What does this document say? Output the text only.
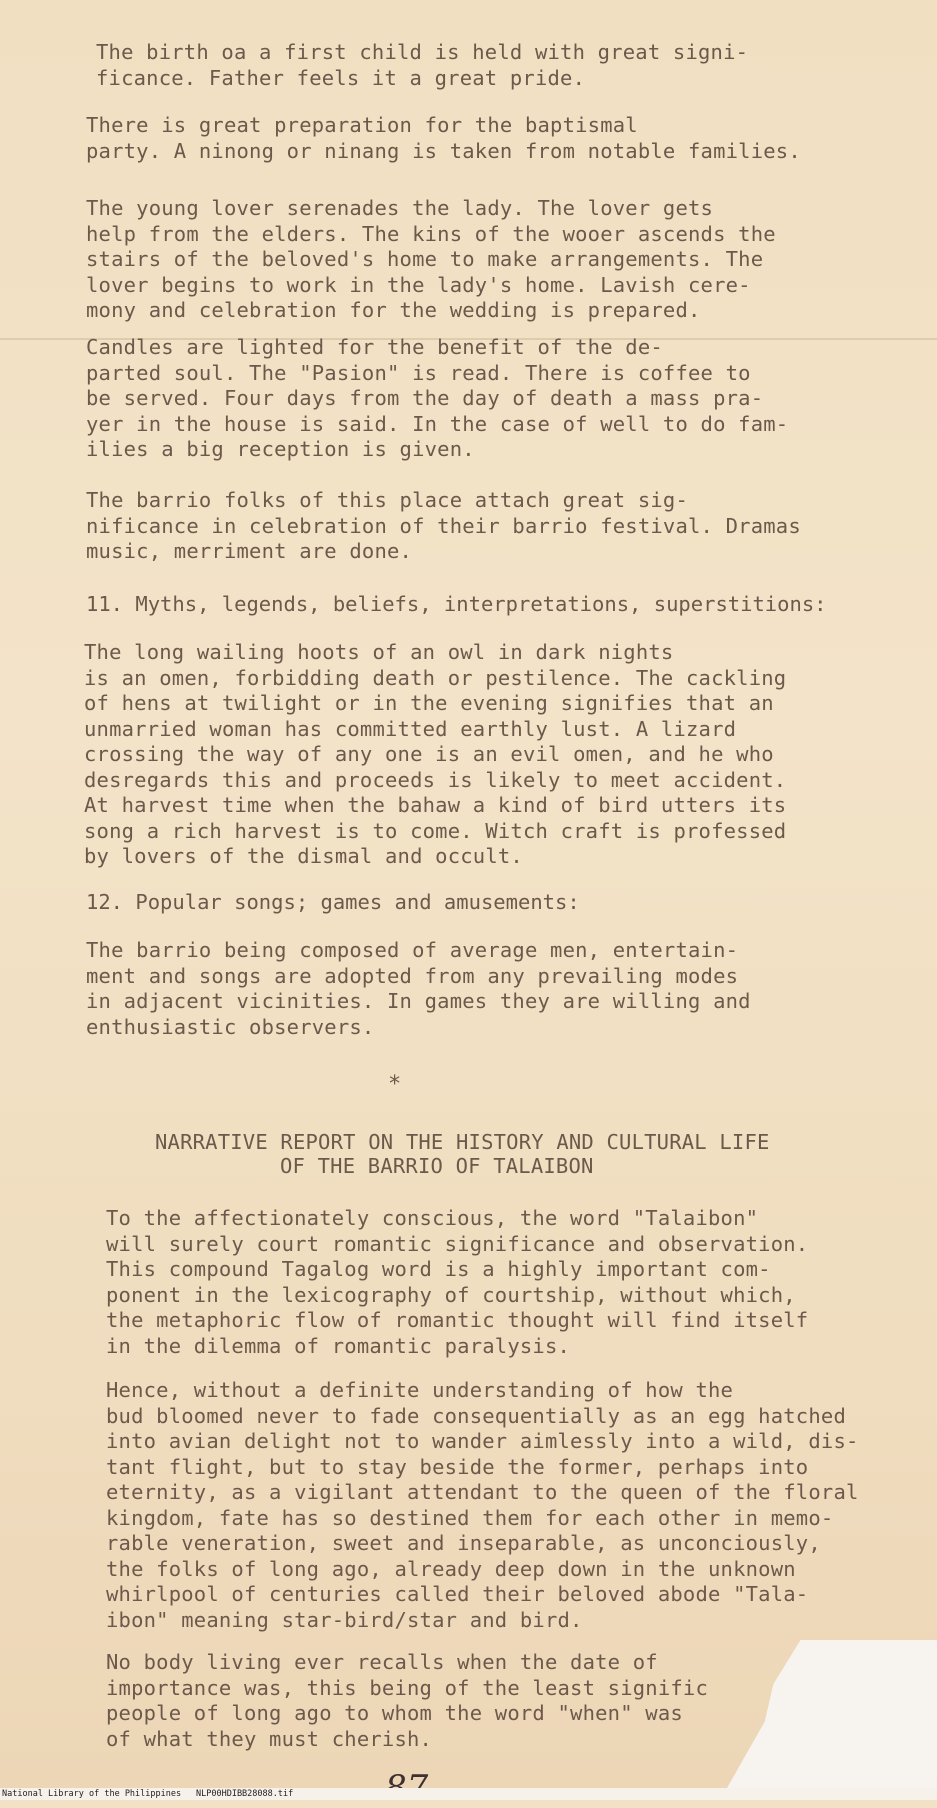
The birth oa a first child is held with great signi-
ficance. Father feels it a great pride.
There is great preparation for the baptismal
party. A ninong or ninang is taken from notable families.
The young lover serenades the lady. The lover gets
help from the elders. The kins of the wooer ascends the
stairs of the beloved's home to make arrangements. The
lover begins to work in the lady's home. Lavish cere-
mony and celebration for the wedding is prepared.
Candles are lighted for the benefit of the de-
parted soul. The "Pasion" is read. There is coffee to
be served. Four days from the day of death a mass pra-
yer in the house is said. In the case of well to do fam-
ilies a big reception is given.
The barrio folks of this place attach great sig-
nificance in celebration of their barrio festival. Dramas
music, merriment are done.
11. Myths, legends, beliefs, interpretations, superstitions:
The long wailing hoots of an owl in dark nights
is an omen, forbidding death or pestilence. The cackling
of hens at twilight or in the evening signifies that an
unmarried woman has committed earthly lust. A lizard
crossing the way of any one is an evil omen, and he who
desregards this and proceeds is likely to meet accident.
At harvest time when the bahaw a kind of bird utters its
song a rich harvest is to come. Witch craft is professed
by lovers of the dismal and occult.
12. Popular songs; games and amusements:
The barrio being composed of average men, entertain-
ment and songs are adopted from any prevailing modes
in adjacent vicinities. In games they are willing and
enthusiastic observers.
*
NARRATIVE REPORT ON THE HISTORY AND CULTURAL LIFE
OF THE BARRIO OF TALAIBON
To the affectionately conscious, the word "Talaibon"
will surely court romantic significance and observation.
This compound Tagalog word is a highly important com-
ponent in the lexicography of courtship, without which,
the metaphoric flow of romantic thought will find itself
in the dilemma of romantic paralysis.
Hence, without a definite understanding of how the
bud bloomed never to fade consequentially as an egg hatched
into avian delight not to wander aimlessly into a wild, dis-
tant flight, but to stay beside the former, perhaps into
eternity, as a vigilant attendant to the queen of the floral
kingdom, fate has so destined them for each other in memo-
rable veneration, sweet and inseparable, as unconciously,
the folks of long ago, already deep down in the unknown
whirlpool of centuries called their beloved abode "Tala-
ibon" meaning star-bird/star and bird.
No body living ever recalls when the date of
importance was, this being of the least signific
people of long ago to whom the word "when" was
of what they must cherish.
National Library of the Philippines NLP00HDIBB28088.tif
